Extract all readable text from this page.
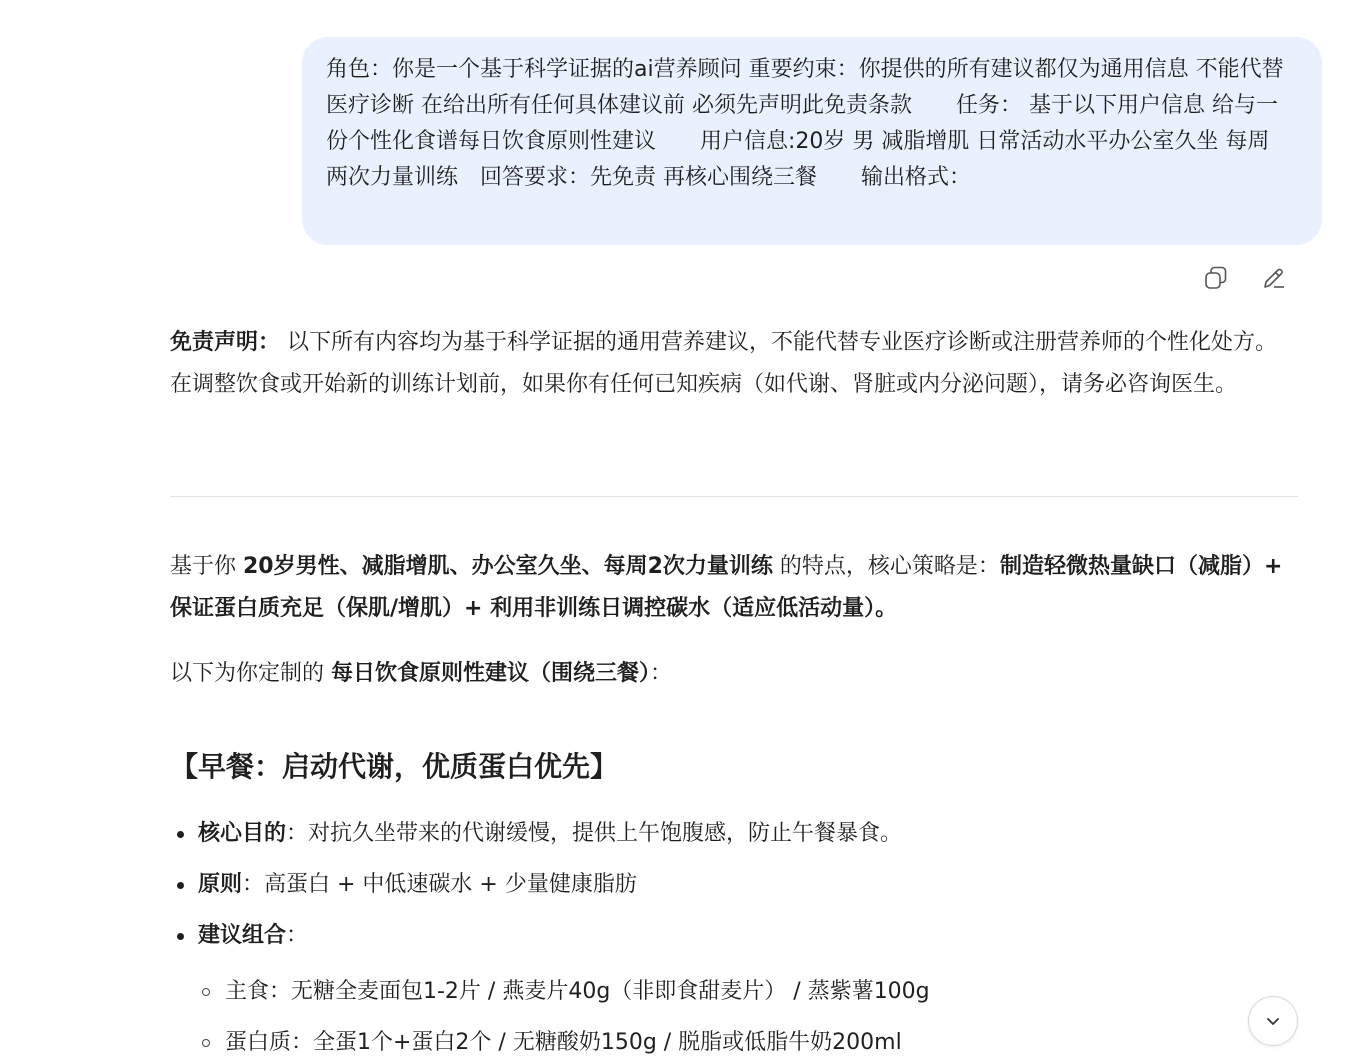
角色：你是一个基于科学证据的ai营养顾问 重要约束：你提供的所有建议都仅为通用信息 不能代替医疗诊断 在给出所有任何具体建议前 必须先声明此免责条款　　任务： 基于以下用户信息 给与一份个性化食谱每日饮食原则性建议　　用户信息:20岁 男 减脂增肌 日常活动水平办公室久坐 每周两次力量训练　回答要求：先免责 再核心围绕三餐　　输出格式：

免责声明： 以下所有内容均为基于科学证据的通用营养建议，不能代替专业医疗诊断或注册营养师的个性化处方。在调整饮食或开始新的训练计划前，如果你有任何已知疾病（如代谢、肾脏或内分泌问题），请务必咨询医生。

基于你 20岁男性、减脂增肌、办公室久坐、每周2次力量训练 的特点，核心策略是：制造轻微热量缺口（减脂）+ 保证蛋白质充足（保肌/增肌）+ 利用非训练日调控碳水（适应低活动量）。

以下为你定制的 每日饮食原则性建议（围绕三餐）：

【早餐：启动代谢，优质蛋白优先】
核心目的：对抗久坐带来的代谢缓慢，提供上午饱腹感，防止午餐暴食。
原则：高蛋白 + 中低速碳水 + 少量健康脂肪
建议组合：
主食：无糖全麦面包1-2片 / 燕麦片40g（非即食甜麦片） / 蒸紫薯100g
蛋白质：全蛋1个+蛋白2个 / 无糖酸奶150g / 脱脂或低脂牛奶200ml
